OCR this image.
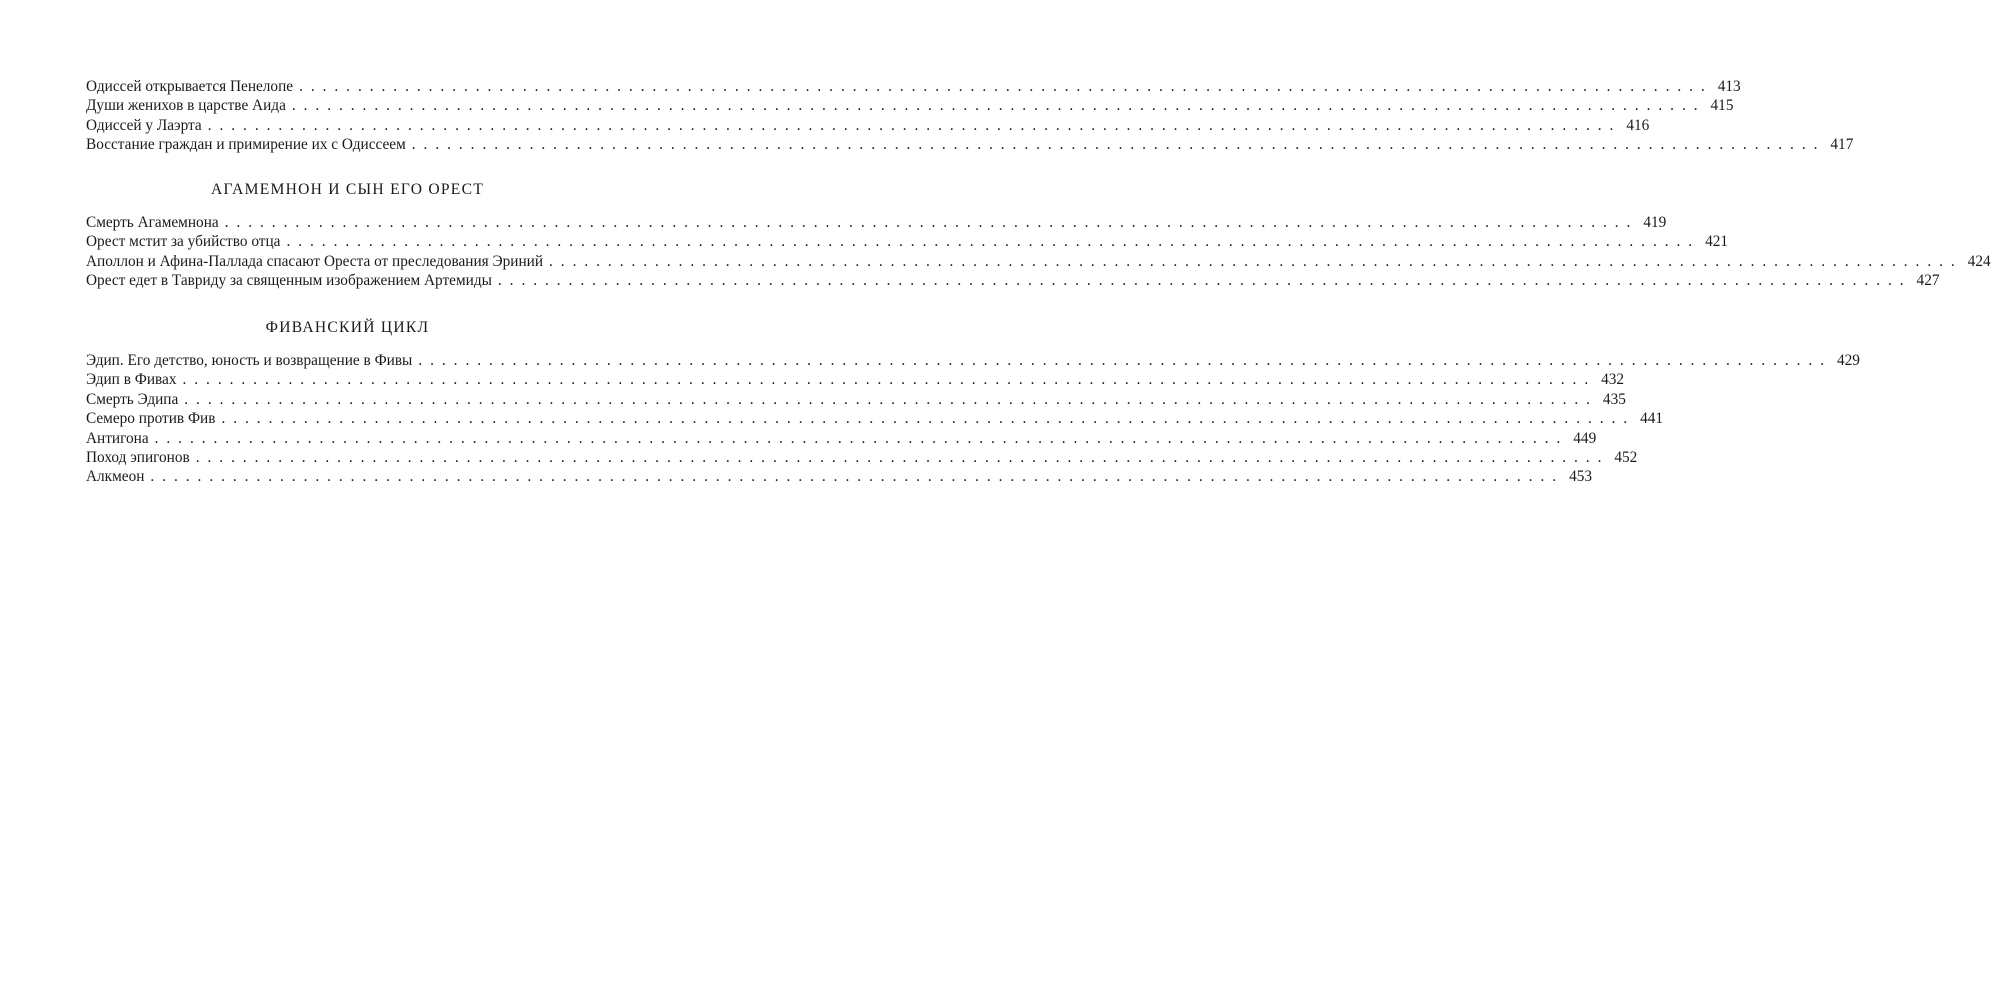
Одиссей открывается Пенелопе ........................................................................................................................ 413
Души женихов в царстве Аида ........................................................................................................................ 415
Одиссей у Лаэрта ........................................................................................................................ 416
Восстание граждан и примирение их с Одиссеем ........................................................................................................................ 417
АГАМЕМНОН И СЫН ЕГО ОРЕСТ
Смерть Агамемнона ........................................................................................................................ 419
Орест мстит за убийство отца ........................................................................................................................ 421
Аполлон и Афина-Паллада спасают Ореста от преследования Эриний ........................................................................................................................ 424
Орест едет в Тавриду за священным изображением Артемиды ........................................................................................................................ 427
ФИВАНСКИЙ ЦИКЛ
Эдип. Его детство, юность и возвращение в Фивы ........................................................................................................................ 429
Эдип в Фивах ........................................................................................................................ 432
Смерть Эдипа ........................................................................................................................ 435
Семеро против Фив ........................................................................................................................ 441
Антигона ........................................................................................................................ 449
Поход эпигонов ........................................................................................................................ 452
Алкмеон ........................................................................................................................ 453
